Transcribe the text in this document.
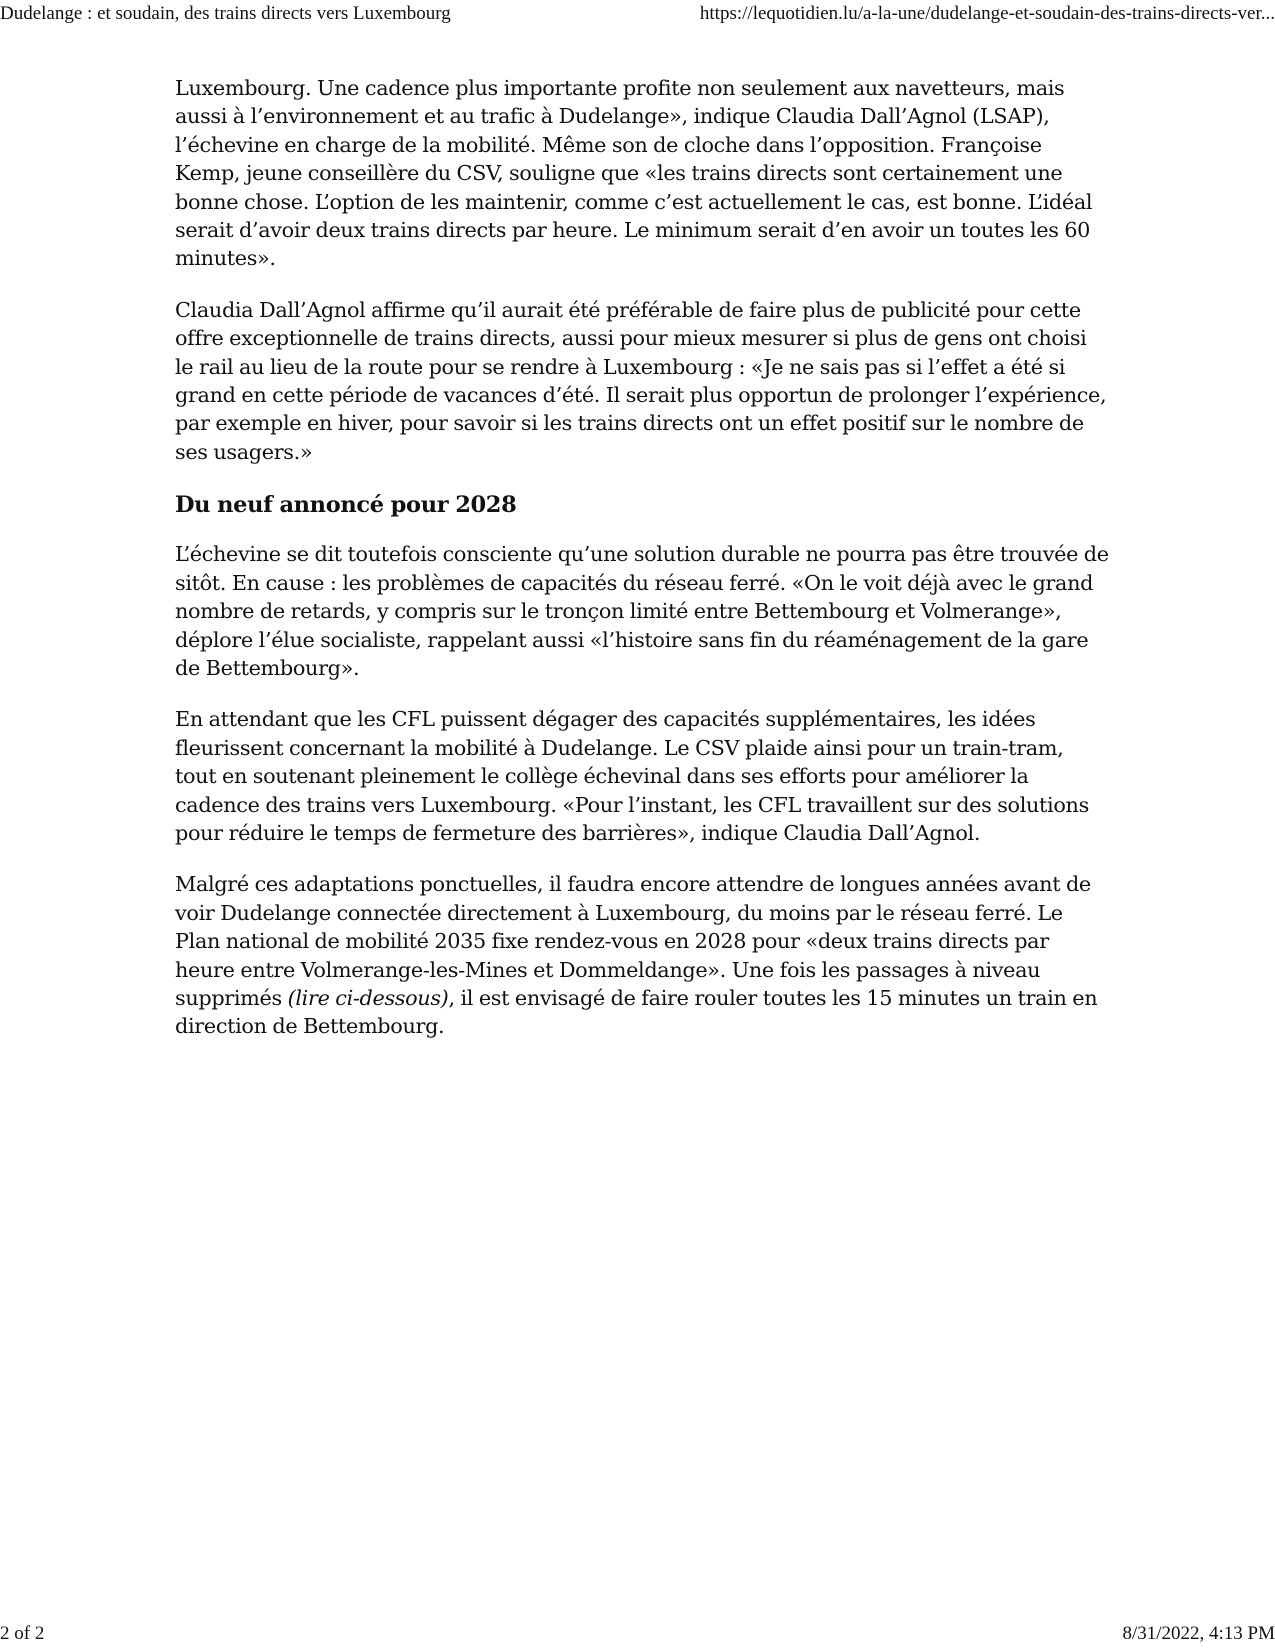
Dudelange : et soudain, des trains directs vers Luxembourg	https://lequotidien.lu/a-la-une/dudelange-et-soudain-des-trains-directs-ver...

Luxembourg. Une cadence plus importante profite non seulement aux navetteurs, mais aussi à l’environnement et au trafic à Dudelange», indique Claudia Dall’Agnol (LSAP), l’échevine en charge de la mobilité. Même son de cloche dans l’opposition. Françoise Kemp, jeune conseillère du CSV, souligne que «les trains directs sont certainement une bonne chose. L’option de les maintenir, comme c’est actuellement le cas, est bonne. L’idéal serait d’avoir deux trains directs par heure. Le minimum serait d’en avoir un toutes les 60 minutes».

Claudia Dall’Agnol affirme qu’il aurait été préférable de faire plus de publicité pour cette offre exceptionnelle de trains directs, aussi pour mieux mesurer si plus de gens ont choisi le rail au lieu de la route pour se rendre à Luxembourg : «Je ne sais pas si l’effet a été si grand en cette période de vacances d’été. Il serait plus opportun de prolonger l’expérience, par exemple en hiver, pour savoir si les trains directs ont un effet positif sur le nombre de ses usagers.»

Du neuf annoncé pour 2028

L’échevine se dit toutefois consciente qu’une solution durable ne pourra pas être trouvée de sitôt. En cause : les problèmes de capacités du réseau ferré. «On le voit déjà avec le grand nombre de retards, y compris sur le tronçon limité entre Bettembourg et Volmerange», déplore l’élue socialiste, rappelant aussi «l’histoire sans fin du réaménagement de la gare de Bettembourg».

En attendant que les CFL puissent dégager des capacités supplémentaires, les idées fleurissent concernant la mobilité à Dudelange. Le CSV plaide ainsi pour un train-tram, tout en soutenant pleinement le collège échevinal dans ses efforts pour améliorer la cadence des trains vers Luxembourg. «Pour l’instant, les CFL travaillent sur des solutions pour réduire le temps de fermeture des barrières», indique Claudia Dall’Agnol.

Malgré ces adaptations ponctuelles, il faudra encore attendre de longues années avant de voir Dudelange connectée directement à Luxembourg, du moins par le réseau ferré. Le Plan national de mobilité 2035 fixe rendez-vous en 2028 pour «deux trains directs par heure entre Volmerange-les-Mines et Dommeldange». Une fois les passages à niveau supprimés (lire ci-dessous), il est envisagé de faire rouler toutes les 15 minutes un train en direction de Bettembourg.

2 of 2	8/31/2022, 4:13 PM
